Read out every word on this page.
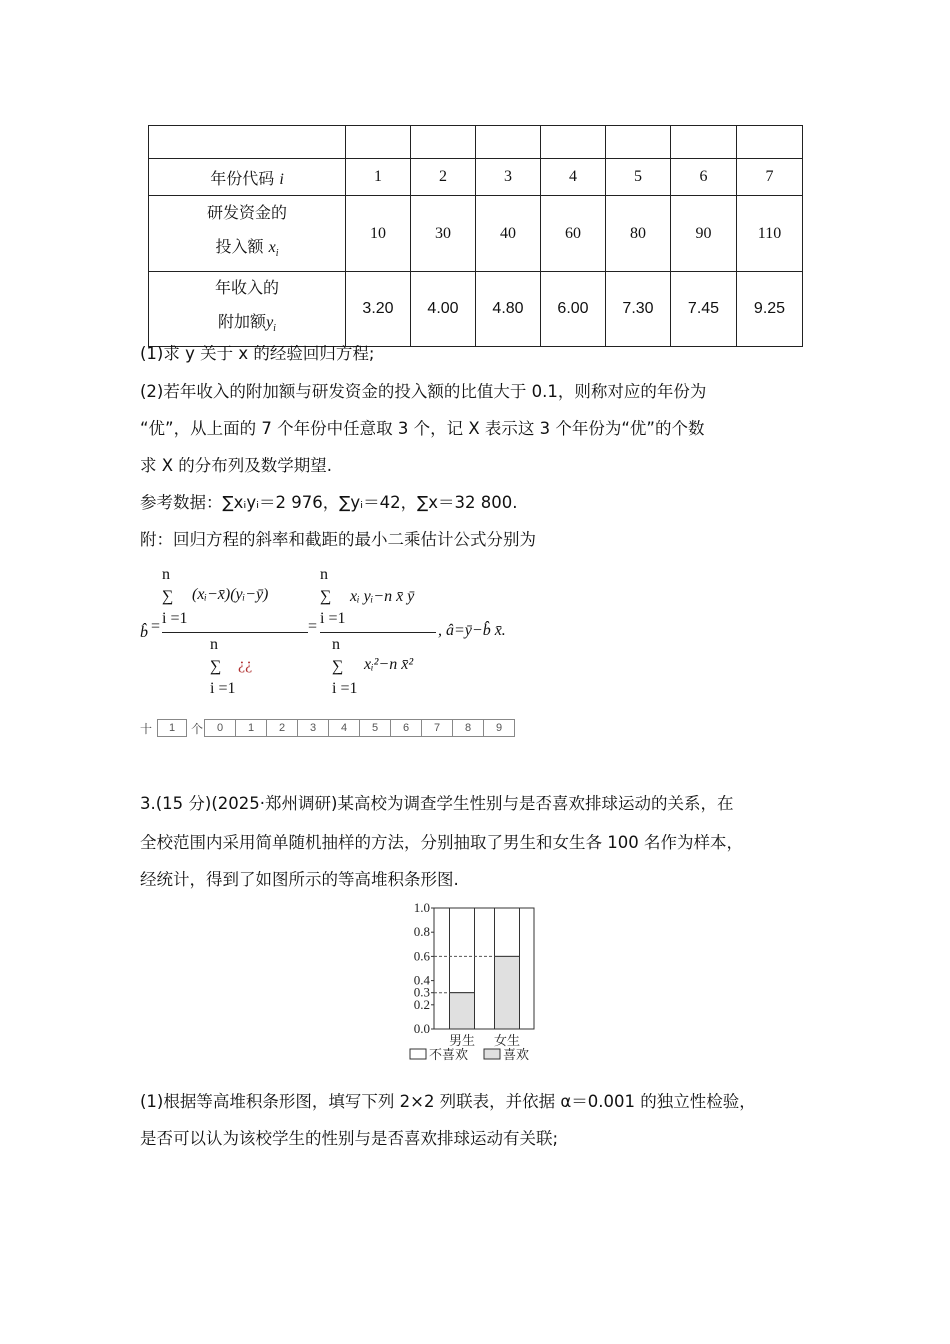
年份代码 i	1	2	3	4	5	6	7
研发资金的
投入额 $x_i$	10	30	40	60	80	90	110
年收入的
附加额$y_i$	3.20	4.00	4.80	6.00	7.30	7.45	9.25
(1)求 y 关于 x 的经验回归方程;
(2)若年收入的附加额与研发资金的投入额的比值大于 0.1，则称对应的年份为
“优”，从上面的 7 个年份中任意取 3 个，记 X 表示这 3 个年份为“优”的个数
求 X 的分布列及数学期望.
参考数据：∑xᵢyᵢ＝2 976，∑yᵢ＝42，∑x＝32 800.
附：回归方程的斜率和截距的最小二乘估计公式分别为
b̂ =
n
∑
i =1
(xᵢ−x̄)(yᵢ−ȳ)
n
∑
i =1
¿¿
=
n
∑
i =1
xᵢ yᵢ−n x̄ ȳ
n
∑
i =1
xᵢ²−n x̄²
, â=ȳ−b̂ x̄.
十	1	个	0	1	2	3	4	5	6	7	8	9
3.(15 分)(2025·郑州调研)某高校为调查学生性别与是否喜欢排球运动的关系，在
全校范围内采用简单随机抽样的方法，分别抽取了男生和女生各 100 名作为样本，
经统计，得到了如图所示的等高堆积条形图.
0.0
0.2
0.3
0.4
0.6
0.8
1.0
男生 女生
不喜欢	喜欢
(1)根据等高堆积条形图，填写下列 2×2 列联表，并依据 α＝0.001 的独立性检验，
是否可以认为该校学生的性别与是否喜欢排球运动有关联;
